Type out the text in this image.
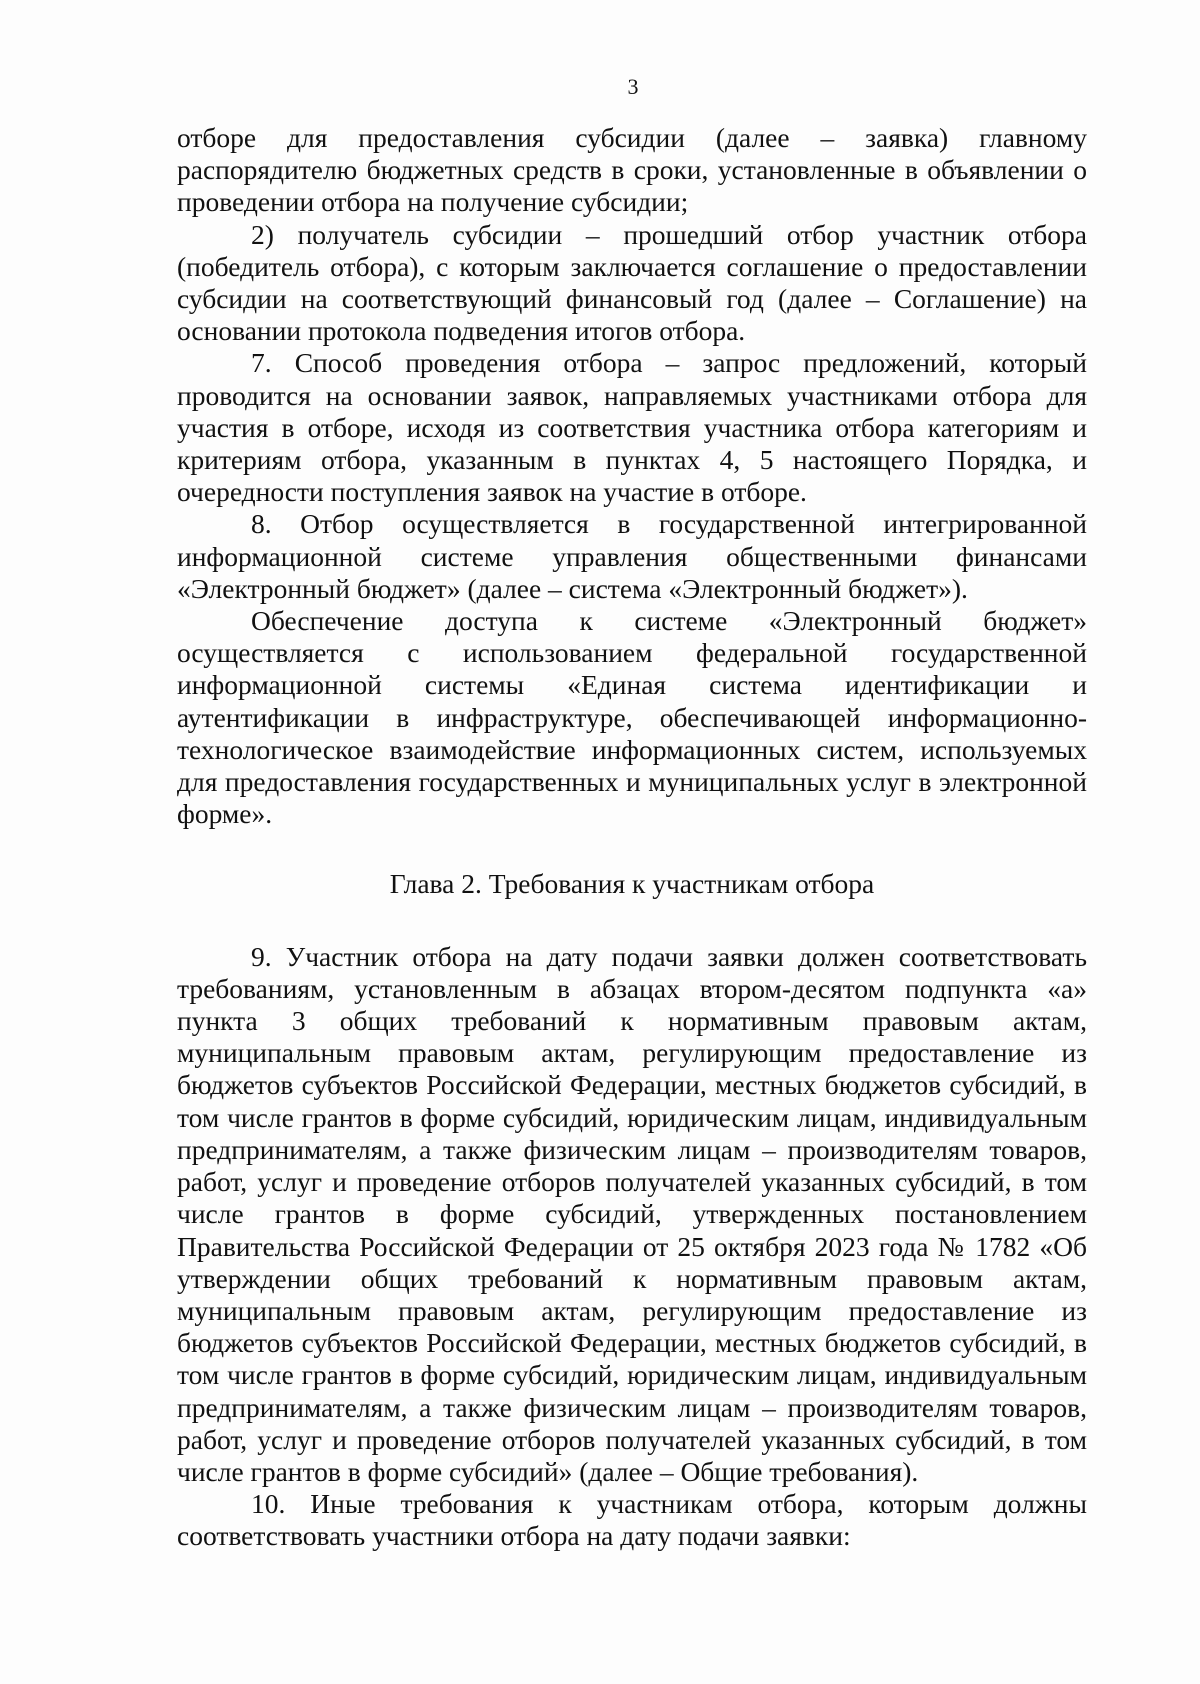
3

отборе для предоставления субсидии (далее – заявка) главному распорядителю бюджетных средств в сроки, установленные в объявлении о проведении отбора на получение субсидии;

2) получатель субсидии – прошедший отбор участник отбора (победитель отбора), с которым заключается соглашение о предоставлении субсидии на соответствующий финансовый год (далее – Соглашение) на основании протокола подведения итогов отбора.

7. Способ проведения отбора – запрос предложений, который проводится на основании заявок, направляемых участниками отбора для участия в отборе, исходя из соответствия участника отбора категориям и критериям отбора, указанным в пунктах 4, 5 настоящего Порядка, и очередности поступления заявок на участие в отборе.

8. Отбор осуществляется в государственной интегрированной информационной системе управления общественными финансами «Электронный бюджет» (далее – система «Электронный бюджет»).

Обеспечение доступа к системе «Электронный бюджет» осуществляется с использованием федеральной государственной информационной системы «Единая система идентификации и аутентификации в инфраструктуре, обеспечивающей информационно-технологическое взаимодействие информационных систем, используемых для предоставления государственных и муниципальных услуг в электронной форме».

Глава 2. Требования к участникам отбора

9. Участник отбора на дату подачи заявки должен соответствовать требованиям, установленным в абзацах втором-десятом подпункта «а» пункта 3 общих требований к нормативным правовым актам, муниципальным правовым актам, регулирующим предоставление из бюджетов субъектов Российской Федерации, местных бюджетов субсидий, в том числе грантов в форме субсидий, юридическим лицам, индивидуальным предпринимателям, а также физическим лицам – производителям товаров, работ, услуг и проведение отборов получателей указанных субсидий, в том числе грантов в форме субсидий, утвержденных постановлением Правительства Российской Федерации от 25 октября 2023 года № 1782 «Об утверждении общих требований к нормативным правовым актам, муниципальным правовым актам, регулирующим предоставление из бюджетов субъектов Российской Федерации, местных бюджетов субсидий, в том числе грантов в форме субсидий, юридическим лицам, индивидуальным предпринимателям, а также физическим лицам – производителям товаров, работ, услуг и проведение отборов получателей указанных субсидий, в том числе грантов в форме субсидий» (далее – Общие требования).

10. Иные требования к участникам отбора, которым должны соответствовать участники отбора на дату подачи заявки:
